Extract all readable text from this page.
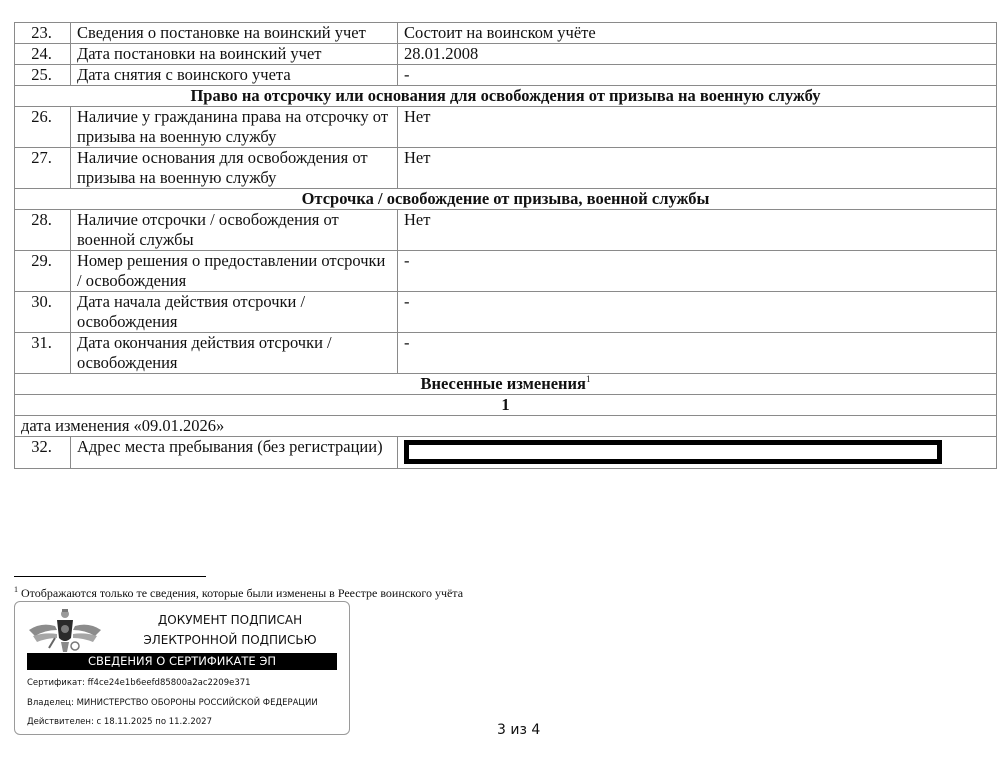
23.	Сведения о постановке на воинский учет	Состоит на воинском учёте
24.	Дата постановки на воинский учет	28.01.2008
25.	Дата снятия с воинского учета	-
Право на отсрочку или основания для освобождения от призыва на военную службу		
26.	Наличие у гражданина права на отсрочку от призыва на военную службу	Нет
27.	Наличие основания для освобождения от призыва на военную службу	Нет
Отсрочка / освобождение от призыва, военной службы		
28.	Наличие отсрочки / освобождения от военной службы	Нет
29.	Номер решения о предоставлении отсрочки / освобождения	-
30.	Дата начала действия отсрочки / освобождения	-
31.	Дата окончания действия отсрочки / освобождения	-
Внесенные изменения$^1$
1		
дата изменения «09.01.2026»		
32.	Адрес места пребывания (без регистрации)	
$^1$ Отображаются только те сведения, которые были изменены в Реестре воинского учёта
ДОКУМЕНТ ПОДПИСАН
ЭЛЕКТРОННОЙ ПОДПИСЬЮ
СВЕДЕНИЯ О СЕРТИФИКАТЕ ЭП
Сертификат: ff4ce24e1b6eefd85800a2ac2209e371
Владелец: МИНИСТЕРСТВО ОБОРОНЫ РОССИЙСКОЙ ФЕДЕРАЦИИ
Действителен: с 18.11.2025 по 11.2.2027	3 из 4
